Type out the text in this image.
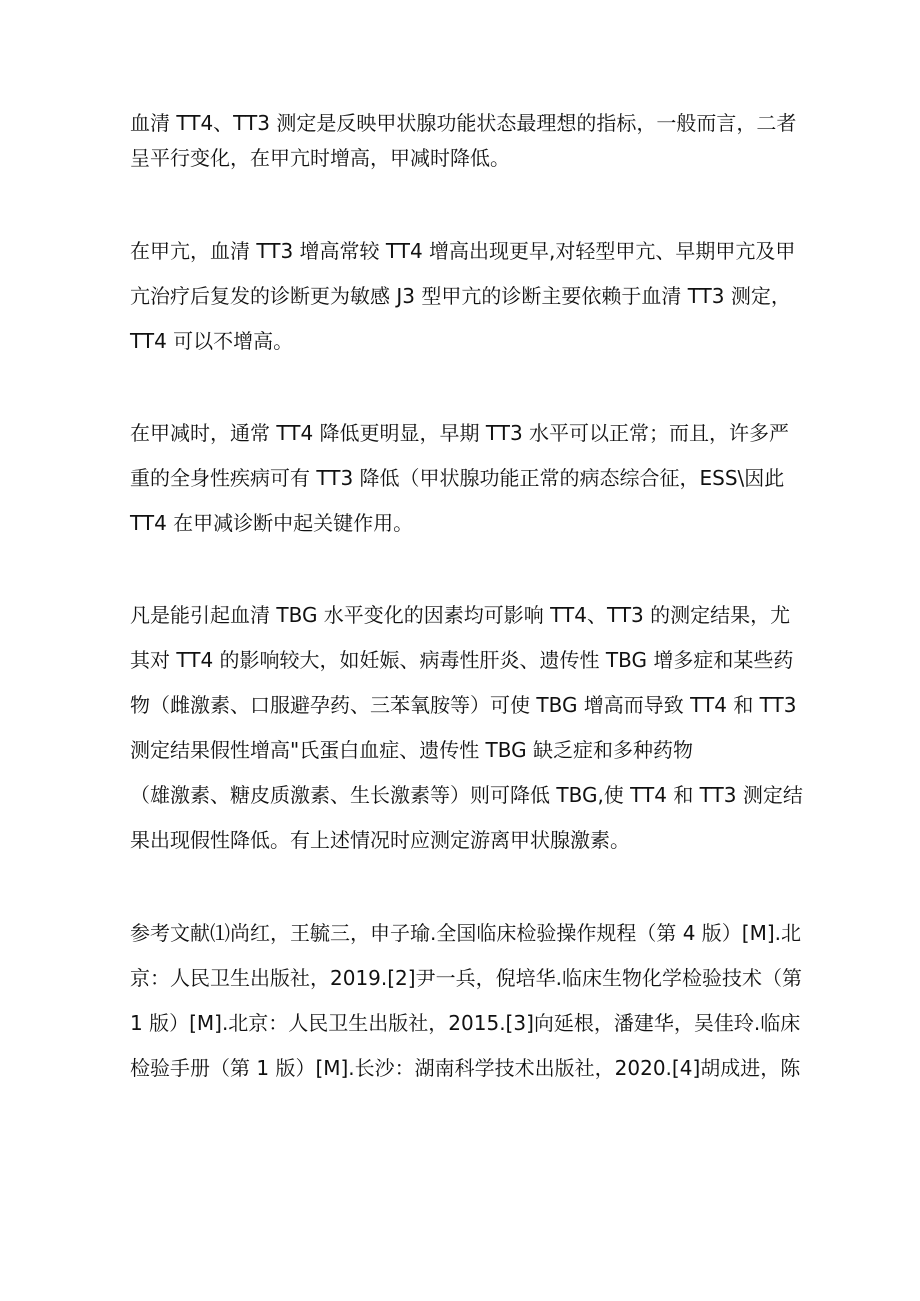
血清 TT4、TT3 测定是反映甲状腺功能状态最理想的指标，一般而言，二者

呈平行变化，在甲亢时增高，甲减时降低。

在甲亢，血清 TT3 增高常较 TT4 增高出现更早,对轻型甲亢、早期甲亢及甲

亢治疗后复发的诊断更为敏感 J3 型甲亢的诊断主要依赖于血清 TT3 测定，

TT4 可以不增高。

在甲减时，通常 TT4 降低更明显，早期 TT3 水平可以正常；而且，许多严

重的全身性疾病可有 TT3 降低（甲状腺功能正常的病态综合征，ESS\因此

TT4 在甲减诊断中起关键作用。

凡是能引起血清 TBG 水平变化的因素均可影响 TT4、TT3 的测定结果，尤

其对 TT4 的影响较大，如妊娠、病毒性肝炎、遗传性 TBG 增多症和某些药

物（雌激素、口服避孕药、三苯氧胺等）可使 TBG 增高而导致 TT4 和 TT3

测定结果假性增高"氏蛋白血症、遗传性 TBG 缺乏症和多种药物

（雄激素、糖皮质激素、生长激素等）则可降低 TBG,使 TT4 和 TT3 测定结

果出现假性降低。有上述情况时应测定游离甲状腺激素。

参考文献⑴尚红，王毓三，申子瑜.全国临床检验操作规程（第 4 版）[M].北

京：人民卫生出版社，2019.[2]尹一兵，倪培华.临床生物化学检验技术（第

1 版）[M].北京：人民卫生出版社，2015.[3]向延根，潘建华，吴佳玲.临床

检验手册（第 1 版）[M].长沙：湖南科学技术出版社，2020.[4]胡成进，陈
